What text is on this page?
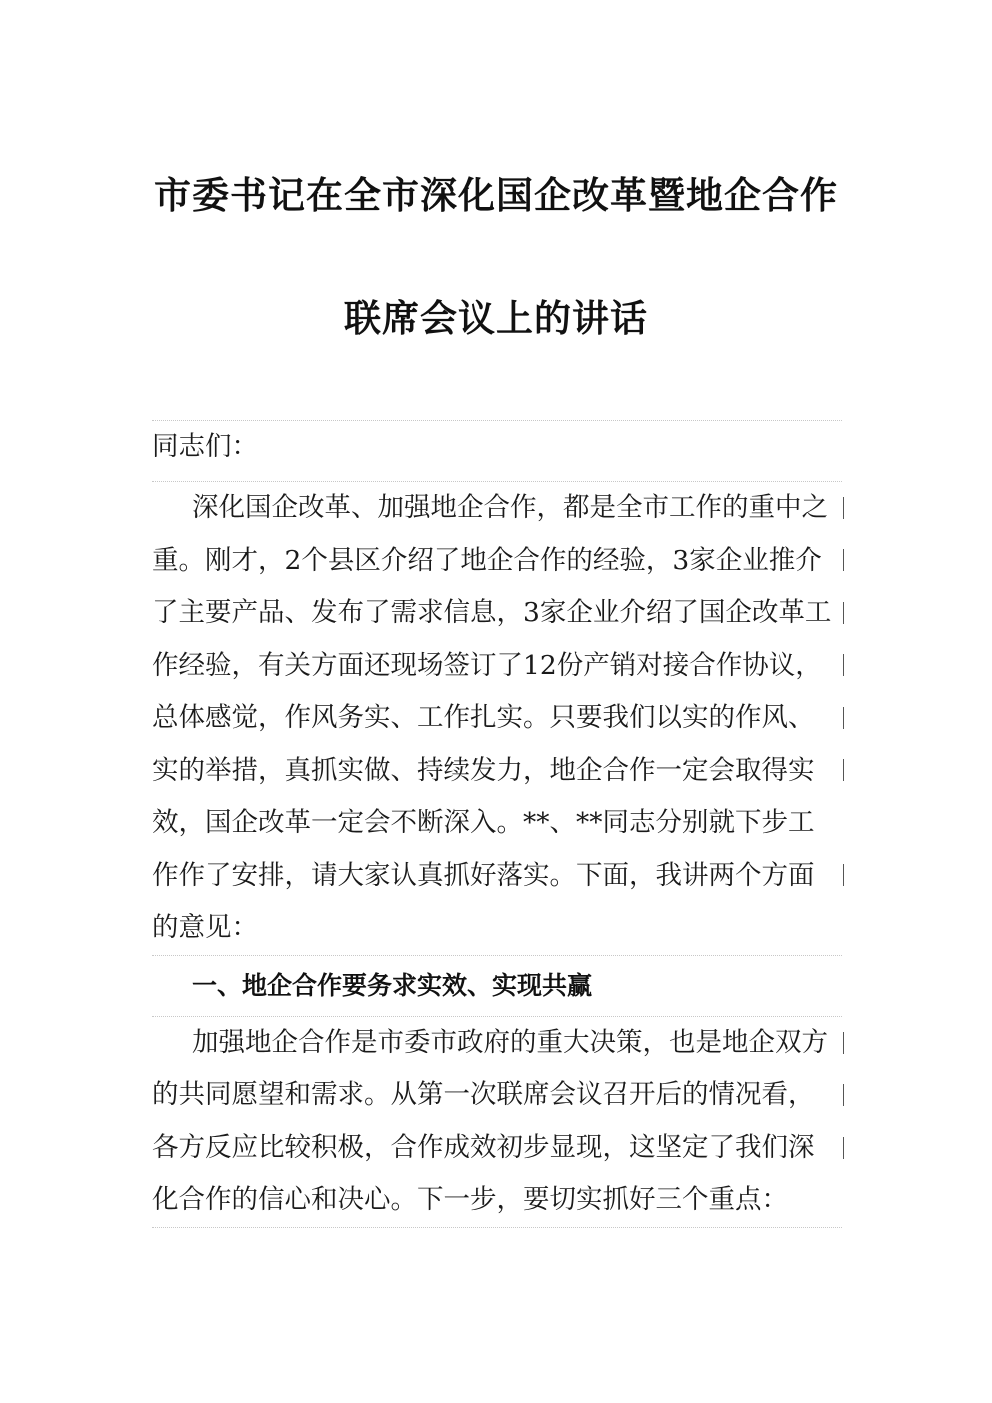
市委书记在全市深化国企改革暨地企合作
联席会议上的讲话
同志们：
深化国企改革、加强地企合作，都是全市工作的重中之
重。刚才，2个县区介绍了地企合作的经验，3家企业推介
了主要产品、发布了需求信息，3家企业介绍了国企改革工
作经验，有关方面还现场签订了12份产销对接合作协议，
总体感觉，作风务实、工作扎实。只要我们以实的作风、
实的举措，真抓实做、持续发力，地企合作一定会取得实
效，国企改革一定会不断深入。**、**同志分别就下步工
作作了安排，请大家认真抓好落实。下面，我讲两个方面
的意见：
一、地企合作要务求实效、实现共赢
加强地企合作是市委市政府的重大决策，也是地企双方
的共同愿望和需求。从第一次联席会议召开后的情况看，
各方反应比较积极，合作成效初步显现，这坚定了我们深
化合作的信心和决心。下一步，要切实抓好三个重点：
